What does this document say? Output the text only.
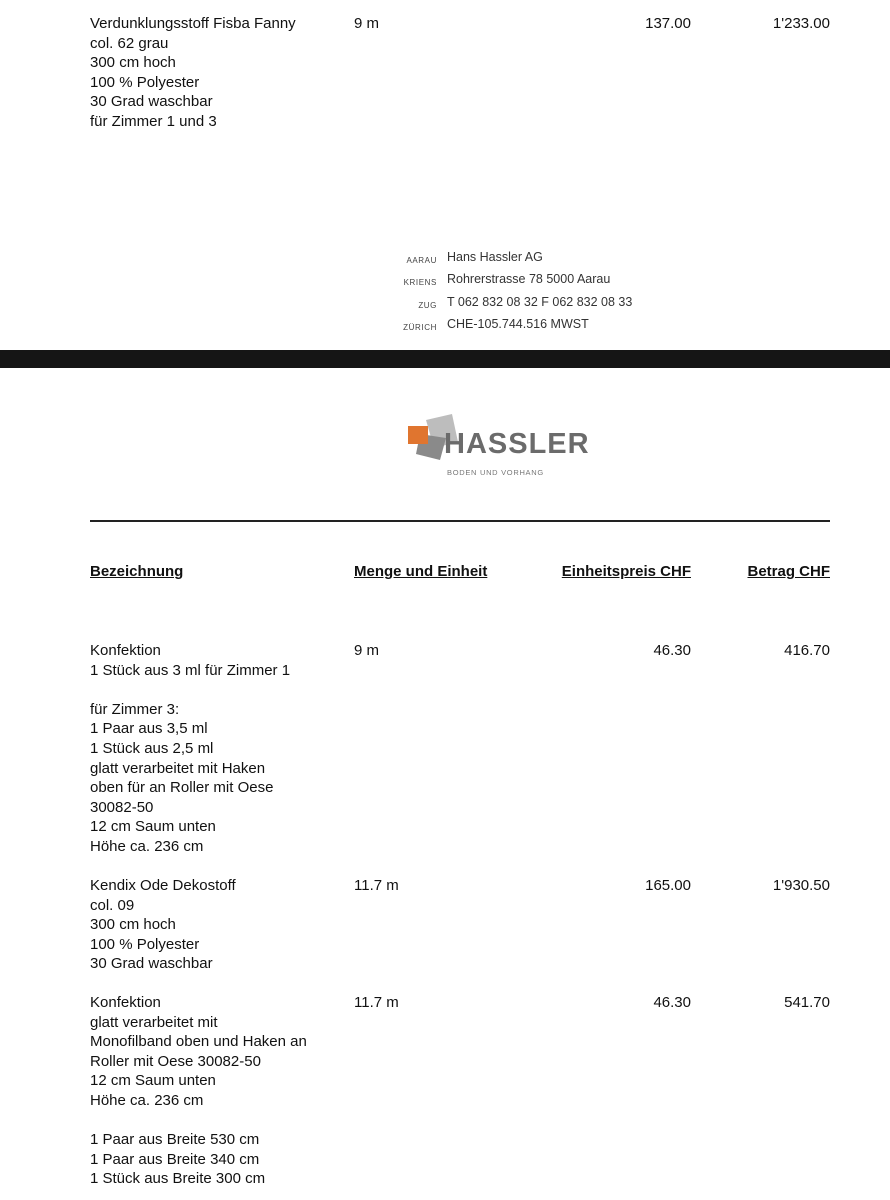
Verdunklungsstoff Fisba Fanny
col. 62 grau
300 cm hoch
100 % Polyester
30 Grad waschbar
für Zimmer 1 und 3
9 m	137.00	1'233.00
AARAU Hans Hassler AG
KRIENS Rohrerstrasse 78 5000 Aarau
ZUG T 062 832 08 32 F 062 832 08 33
ZÜRICH CHE-105.744.516 MWST
HASSLER
BODEN UND VORHANG
Bezeichnung	Menge und Einheit	Einheitspreis CHF	Betrag CHF
Konfektion
1 Stück aus 3 ml für Zimmer 1
für Zimmer 3:
1 Paar aus 3,5 ml
1 Stück aus 2,5 ml
glatt verarbeitet mit Haken
oben für an Roller mit Oese
30082-50
12 cm Saum unten
Höhe ca. 236 cm
9 m	46.30	416.70
Kendix Ode Dekostoff
col. 09
300 cm hoch
100 % Polyester
30 Grad waschbar
11.7 m	165.00	1'930.50
Konfektion
glatt verarbeitet mit
Monofilband oben und Haken an
Roller mit Oese 30082-50
12 cm Saum unten
Höhe ca. 236 cm
1 Paar aus Breite 530 cm
1 Paar aus Breite 340 cm
1 Stück aus Breite 300 cm
11.7 m	46.30	541.70
